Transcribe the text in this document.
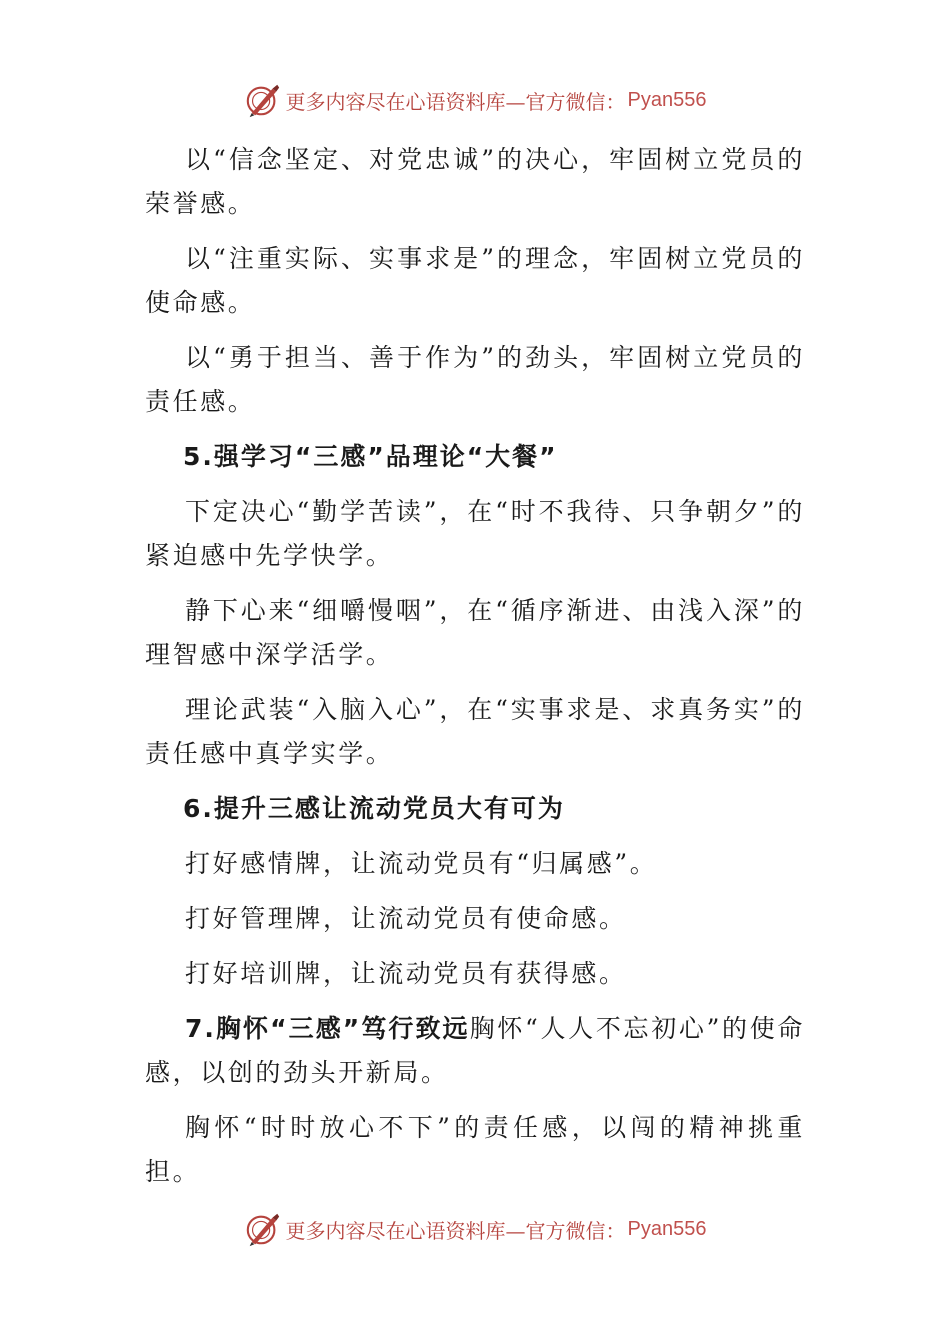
更多内容尽在心语资料库—官方微信： Pyan556

以“信念坚定、对党忠诚”的决心，牢固树立党员的荣誉感。

以“注重实际、实事求是”的理念，牢固树立党员的使命感。

以“勇于担当、善于作为”的劲头，牢固树立党员的责任感。

5.强学习“三感”品理论“大餐”

下定决心“勤学苦读”，在“时不我待、只争朝夕”的紧迫感中先学快学。

静下心来“细嚼慢咽”，在“循序渐进、由浅入深”的理智感中深学活学。

理论武装“入脑入心”，在“实事求是、求真务实”的责任感中真学实学。

6.提升三感让流动党员大有可为

打好感情牌，让流动党员有“归属感”。

打好管理牌，让流动党员有使命感。

打好培训牌，让流动党员有获得感。

7.胸怀“三感”笃行致远胸怀“人人不忘初心”的使命感，以创的劲头开新局。

胸怀“时时放心不下”的责任感，以闯的精神挑重担。

更多内容尽在心语资料库—官方微信： Pyan556
